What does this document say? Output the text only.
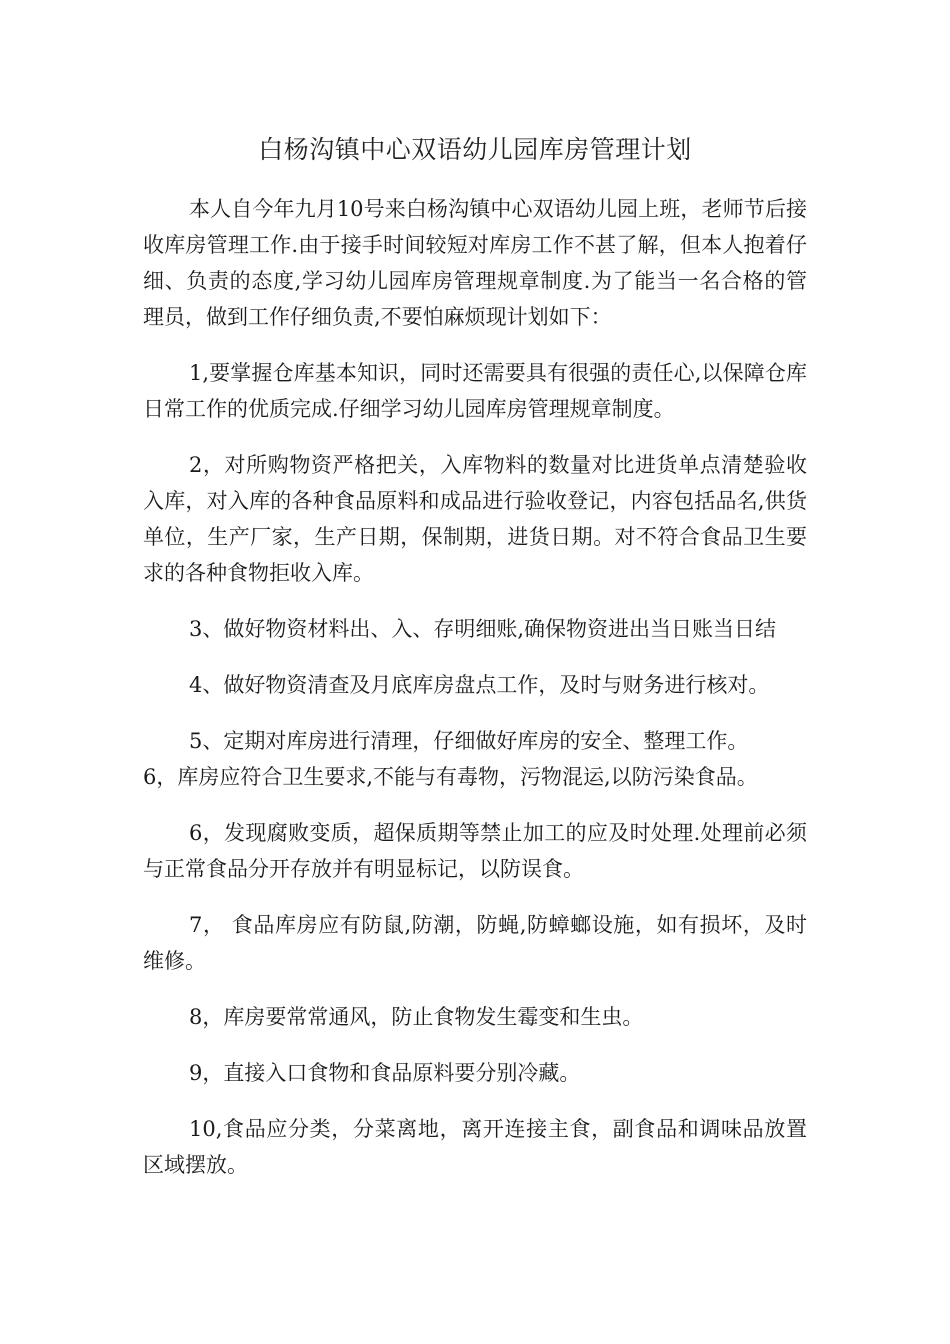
白杨沟镇中心双语幼儿园库房管理计划

本人自今年九月10号来白杨沟镇中心双语幼儿园上班，老师节后接收库房管理工作.由于接手时间较短对库房工作不甚了解，但本人抱着仔细、负责的态度,学习幼儿园库房管理规章制度.为了能当一名合格的管理员，做到工作仔细负责,不要怕麻烦现计划如下：

1,要掌握仓库基本知识，同时还需要具有很强的责任心,以保障仓库日常工作的优质完成.仔细学习幼儿园库房管理规章制度。

2，对所购物资严格把关，入库物料的数量对比进货单点清楚验收入库，对入库的各种食品原料和成品进行验收登记，内容包括品名,供货单位，生产厂家，生产日期，保制期，进货日期。对不符合食品卫生要求的各种食物拒收入库。

3、做好物资材料出、入、存明细账,确保物资进出当日账当日结

4、做好物资清查及月底库房盘点工作，及时与财务进行核对。

5、定期对库房进行清理，仔细做好库房的安全、整理工作。

6，库房应符合卫生要求,不能与有毒物，污物混运,以防污染食品。

6，发现腐败变质，超保质期等禁止加工的应及时处理.处理前必须与正常食品分开存放并有明显标记，以防误食。

7， 食品库房应有防鼠,防潮，防蝇,防蟑螂设施，如有损坏，及时维修。

8，库房要常常通风，防止食物发生霉变和生虫。

9，直接入口食物和食品原料要分别冷藏。

10,食品应分类，分菜离地，离开连接主食，副食品和调味品放置区域摆放。
